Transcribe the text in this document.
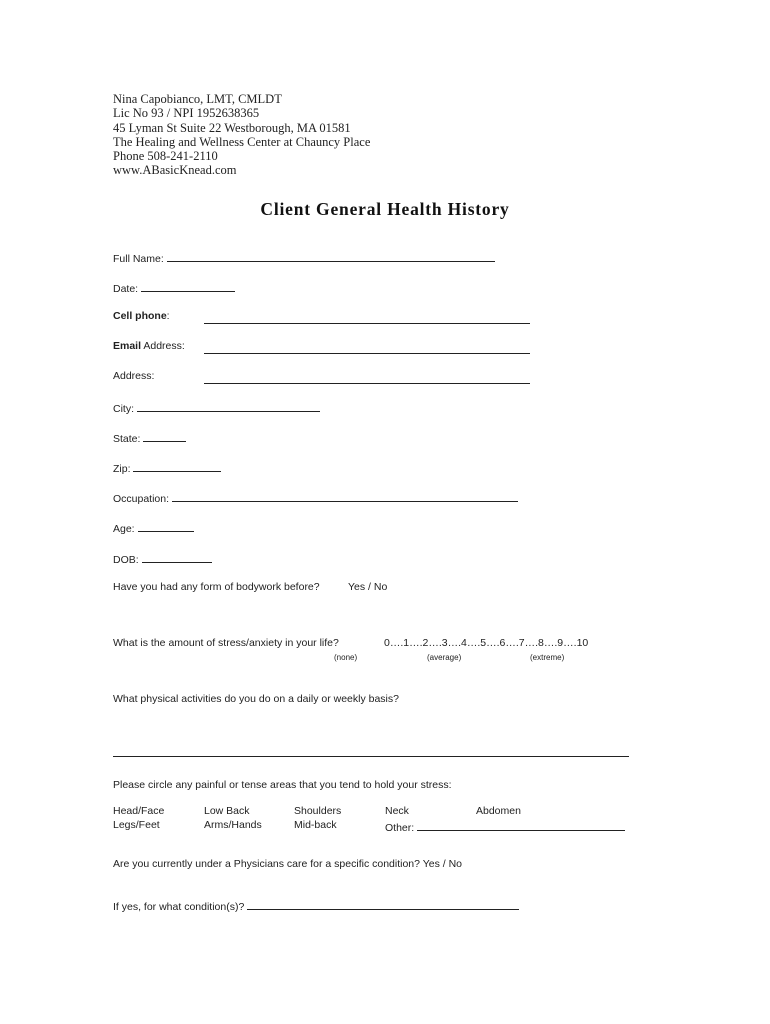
Nina Capobianco, LMT, CMLDT
Lic No 93 / NPI 1952638365
45 Lyman St Suite 22 Westborough, MA 01581
The Healing and Wellness Center at Chauncy Place
Phone 508-241-2110
www.ABasicKnead.com
Client General Health History
Full Name:
Date:
Cell phone:
Email Address:
Address:
City:
State:
Zip:
Occupation:
Age:
DOB:
Have you had any form of bodywork before?	Yes / No
What is the amount of stress/anxiety in your life?	0….1….2….3….4….5….6….7….8….9….10
(none)	(average)	(extreme)
What physical activities do you do on a daily or weekly basis?
Please circle any painful or tense areas that you tend to hold your stress:
Head/Face	Low Back	Shoulders	Neck	Abdomen
Legs/Feet	Arms/Hands	Mid-back	Other:
Are you currently under a Physicians care for a specific condition? Yes / No
If yes, for what condition(s)?
